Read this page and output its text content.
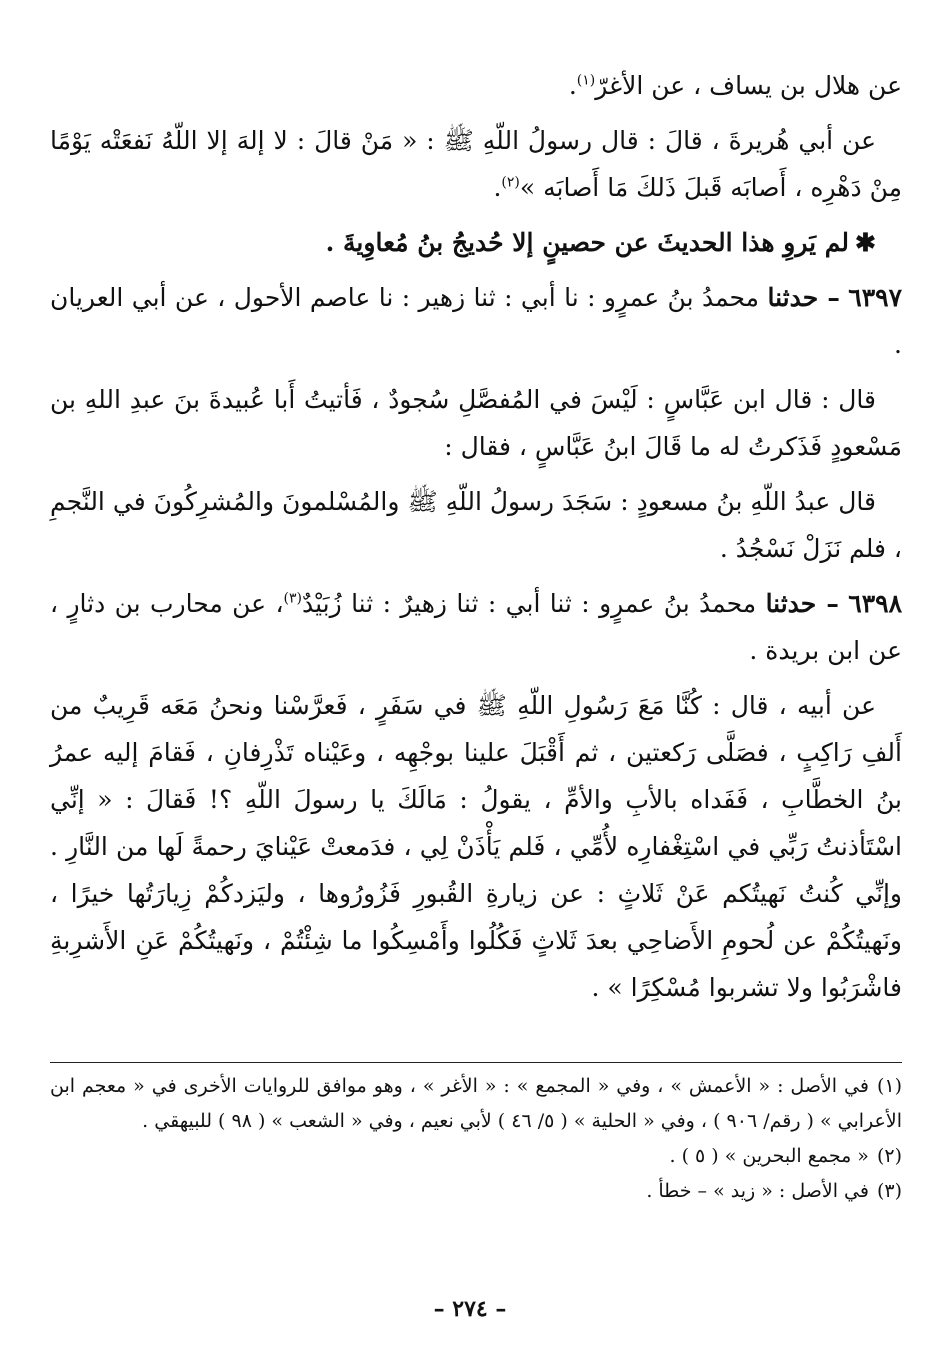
عن هلال بن يساف ، عن الأغرّ$^{(١)}$.

عن أبي هُريرةَ ، قالَ : قال رسولُ اللّهِ ﷺ : « مَنْ قالَ : لا إلهَ إلا اللّهُ نَفعَتْه يَوْمًا مِنْ دَهْرِه ، أَصابَه قَبلَ ذَلكَ مَا أَصابَه »$^{(٢)}$.

✱لم يَروِ هذا الحديثَ عن حصينٍ إلا حُديجُ بنُ مُعاوِيةَ .

٦٣٩٧ – حدثنا محمدُ بنُ عمرٍو : نا أبي : ثنا زهير : نا عاصم الأحول ، عن أبي العريان .

قال : قال ابن عَبَّاسٍ : لَيْسَ في المُفصَّلِ سُجودٌ ، فَأتيتُ أَبا عُبيدةَ بنَ عبدِ اللهِ بن مَسْعودٍ فَذَكرتُ له ما قَالَ ابنُ عَبَّاسٍ ، فقال :

قال عبدُ اللّهِ بنُ مسعودٍ : سَجَدَ رسولُ اللّهِ ﷺ والمُسْلمونَ والمُشرِكُونَ في النَّجمِ ، فلم نَزَلْ نَسْجُدُ .

٦٣٩٨ – حدثنا محمدُ بنُ عمرٍو : ثنا أبي : ثنا زهيرٌ : ثنا زُبَيْدٌ$^{(٣)}$، عن محارب بن دثارٍ ، عن ابن بريدة .

عن أبيه ، قال : كُنَّا مَعَ رَسُولِ اللّهِ ﷺ في سَفَرٍ ، فَعرَّسْنا ونحنُ مَعَه قَرِيبٌ من أَلفِ رَاكِبٍ ، فصَلَّى رَكعتين ، ثم أَقْبَلَ علينا بوجْهِه ، وعَيْناه تَذْرِفانِ ، فَقامَ إليه عمرُ بنُ الخطَّابِ ، فَفَداه بالأبِ والأمِّ ، يقولُ : مَالَكَ يا رسولَ اللّهِ ؟! فَقالَ : « إنِّي اسْتَأذنتُ رَبِّي في اسْتِغْفارِه لأُمِّي ، فَلم يَأْذَنْ لِي ، فدَمعتْ عَيْنايَ رحمةً لَها من النَّارِ . وإنِّي كُنتُ نَهيتُكم عَنْ ثَلاثٍ : عن زيارةِ القُبورِ فَزُورُوها ، وليَزدكُمْ زِيارَتُها خيرًا ، ونَهيتُكُمْ عن لُحومِ الأَضاحِي بعدَ ثَلاثٍ فَكُلُوا وأَمْسِكُوا ما شِئْتُمْ ، ونَهيتُكُمْ عَنِ الأَشرِبةِ فاشْرَبُوا ولا تشربوا مُسْكِرًا » .

(١)في الأصل : « الأعمش » ، وفي « المجمع » : « الأغر » ، وهو موافق للروايات الأخرى في « معجم ابن الأعرابي » ( رقم/ ٩٠٦ ) ، وفي « الحلية » ( ٥/ ٤٦ ) لأبي نعيم ، وفي « الشعب » ( ٩٨ ) للبيهقي .

(٢)« مجمع البحرين » ( ٥ ) .

(٣)في الأصل : « زيد » – خطأ .

– ٢٧٤ –
